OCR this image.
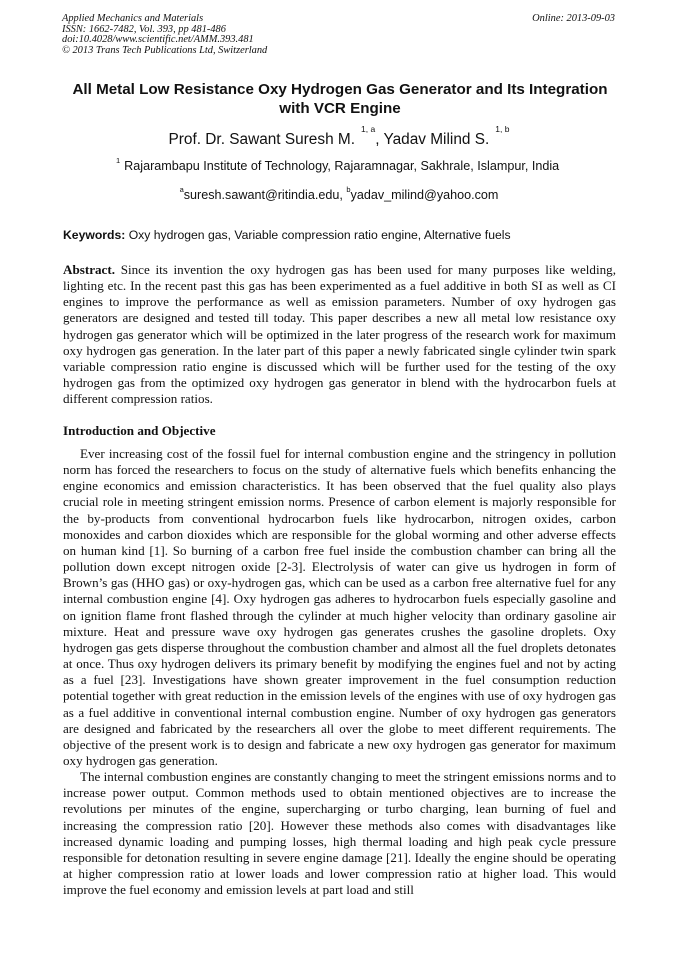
Applied Mechanics and Materials
ISSN: 1662-7482, Vol. 393, pp 481-486
doi:10.4028/www.scientific.net/AMM.393.481
© 2013 Trans Tech Publications Ltd, Switzerland
Online: 2013-09-03
All Metal Low Resistance Oxy Hydrogen Gas Generator and Its Integration with VCR Engine
Prof. Dr. Sawant Suresh M.$^{1, a}$, Yadav Milind S.$^{1, b}$
$^1$ Rajarambapu Institute of Technology, Rajaramnagar, Sakhrale, Islampur, India
$^a$suresh.sawant@ritindia.edu, $^b$yadav_milind@yahoo.com
Keywords: Oxy hydrogen gas, Variable compression ratio engine, Alternative fuels
Abstract. Since its invention the oxy hydrogen gas has been used for many purposes like welding, lighting etc. In the recent past this gas has been experimented as a fuel additive in both SI as well as CI engines to improve the performance as well as emission parameters. Number of oxy hydrogen gas generators are designed and tested till today. This paper describes a new all metal low resistance oxy hydrogen gas generator which will be optimized in the later progress of the research work for maximum oxy hydrogen gas generation. In the later part of this paper a newly fabricated single cylinder twin spark variable compression ratio engine is discussed which will be further used for the testing of the oxy hydrogen gas from the optimized oxy hydrogen gas generator in blend with the hydrocarbon fuels at different compression ratios.
Introduction and Objective

Ever increasing cost of the fossil fuel for internal combustion engine and the stringency in pollution norm has forced the researchers to focus on the study of alternative fuels which benefits enhancing the engine economics and emission characteristics. It has been observed that the fuel quality also plays crucial role in meeting stringent emission norms. Presence of carbon element is majorly responsible for the by-products from conventional hydrocarbon fuels like hydrocarbon, nitrogen oxides, carbon monoxides and carbon dioxides which are responsible for the global worming and other adverse effects on human kind [1]. So burning of a carbon free fuel inside the combustion chamber can bring all the pollution down except nitrogen oxide [2-3]. Electrolysis of water can give us hydrogen in form of Brown’s gas (HHO gas) or oxy-hydrogen gas, which can be used as a carbon free alternative fuel for any internal combustion engine [4]. Oxy hydrogen gas adheres to hydrocarbon fuels especially gasoline and on ignition flame front flashed through the cylinder at much higher velocity than ordinary gasoline air mixture. Heat and pressure wave oxy hydrogen gas generates crushes the gasoline droplets. Oxy hydrogen gas gets disperse throughout the combustion chamber and almost all the fuel droplets detonates at once. Thus oxy hydrogen delivers its primary benefit by modifying the engines fuel and not by acting as a fuel [23]. Investigations have shown greater improvement in the fuel consumption reduction potential together with great reduction in the emission levels of the engines with use of oxy hydrogen gas as a fuel additive in conventional internal combustion engine. Number of oxy hydrogen gas generators are designed and fabricated by the researchers all over the globe to meet different requirements. The objective of the present work is to design and fabricate a new oxy hydrogen gas generator for maximum oxy hydrogen gas generation.

The internal combustion engines are constantly changing to meet the stringent emissions norms and to increase power output. Common methods used to obtain mentioned objectives are to increase the revolutions per minutes of the engine, supercharging or turbo charging, lean burning of fuel and increasing the compression ratio [20]. However these methods also comes with disadvantages like increased dynamic loading and pumping losses, high thermal loading and high peak cycle pressure responsible for detonation resulting in severe engine damage [21]. Ideally the engine should be operating at higher compression ratio at lower loads and lower compression ratio at higher load. This would improve the fuel economy and emission levels at part load and still
